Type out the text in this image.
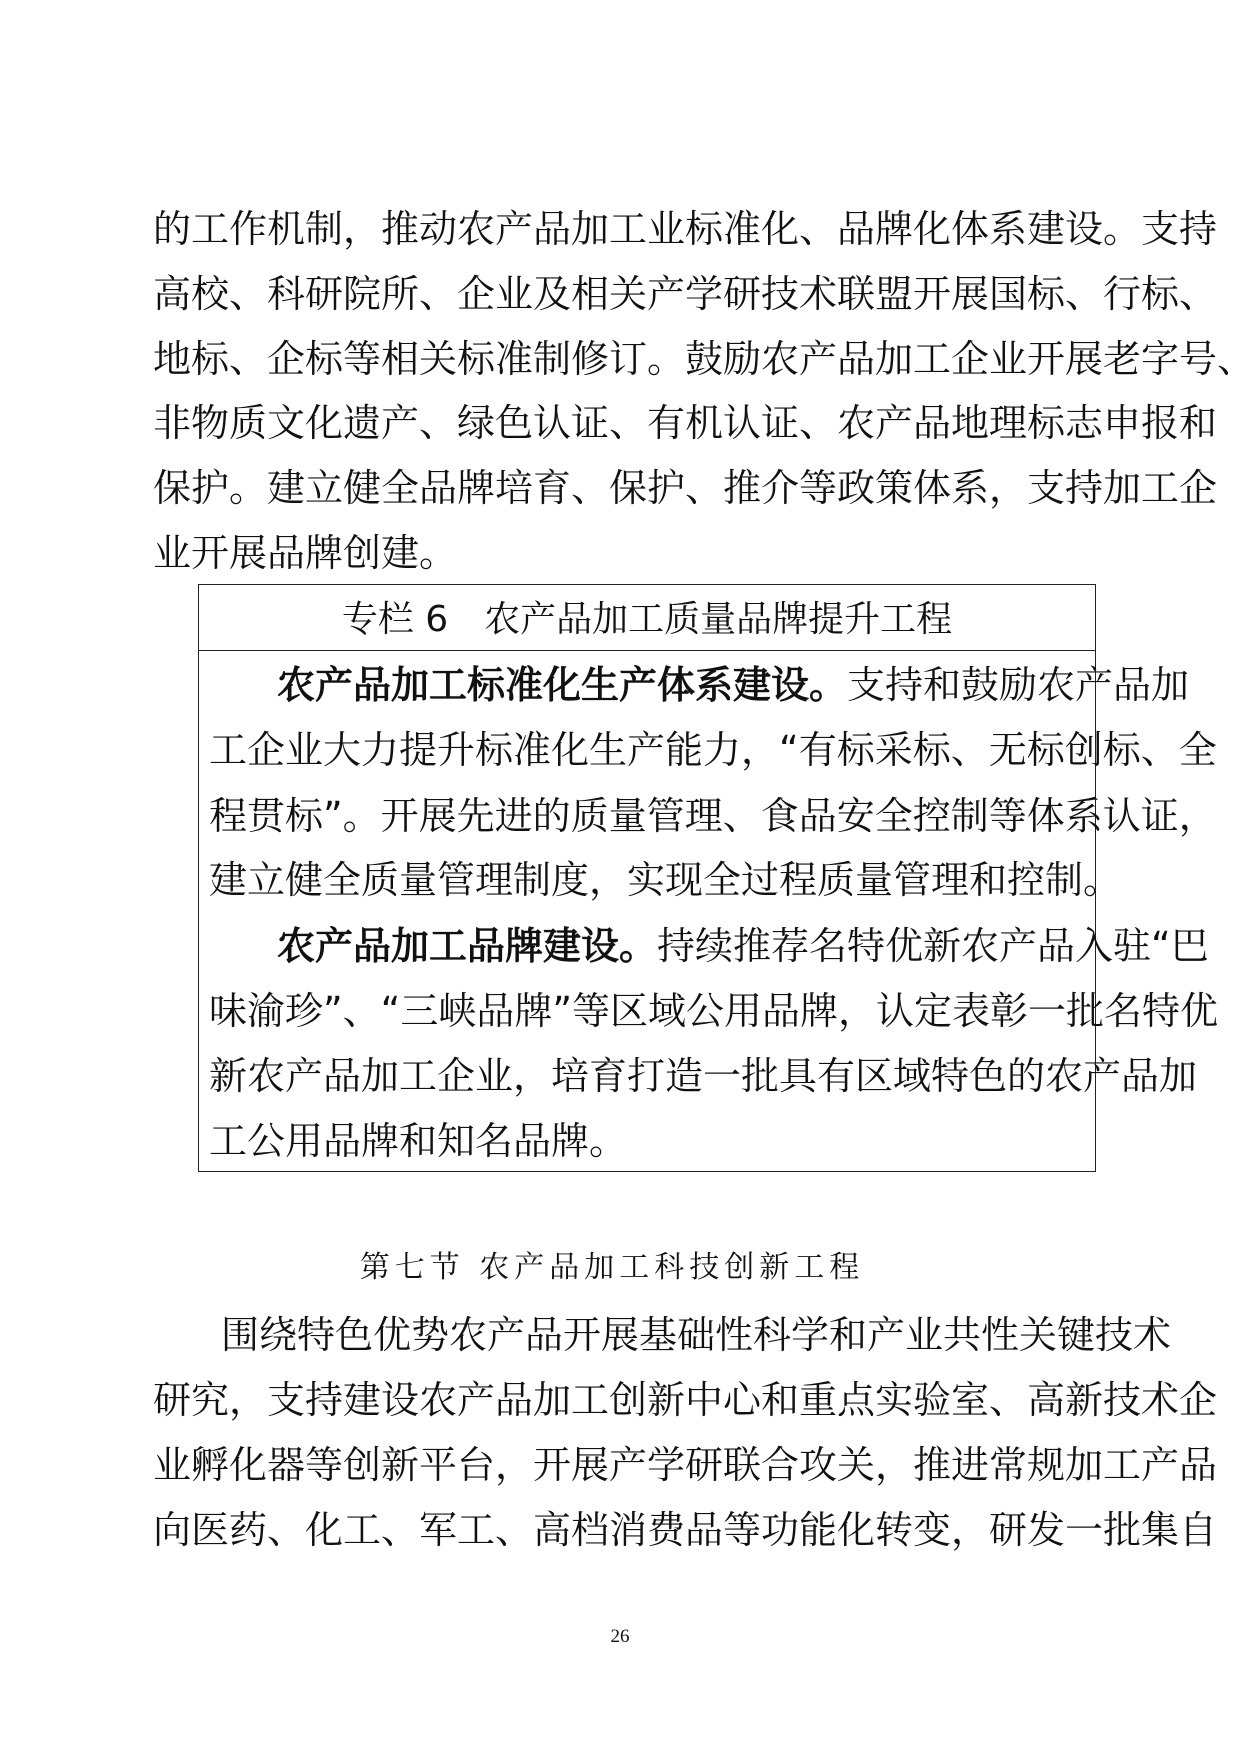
的工作机制，推动农产品加工业标准化、品牌化体系建设。支持
高校、科研院所、企业及相关产学研技术联盟开展国标、行标、
地标、企标等相关标准制修订。鼓励农产品加工企业开展老字号、
非物质文化遗产、绿色认证、有机认证、农产品地理标志申报和
保护。建立健全品牌培育、保护、推介等政策体系，支持加工企
业开展品牌创建。
专栏 6　农产品加工质量品牌提升工程
农产品加工标准化生产体系建设。支持和鼓励农产品加
工企业大力提升标准化生产能力，“有标采标、无标创标、全
程贯标”。开展先进的质量管理、食品安全控制等体系认证，
建立健全质量管理制度，实现全过程质量管理和控制。
农产品加工品牌建设。持续推荐名特优新农产品入驻“巴
味渝珍”、“三峡品牌”等区域公用品牌，认定表彰一批名特优
新农产品加工企业，培育打造一批具有区域特色的农产品加
工公用品牌和知名品牌。
第七节 农产品加工科技创新工程
围绕特色优势农产品开展基础性科学和产业共性关键技术
研究，支持建设农产品加工创新中心和重点实验室、高新技术企
业孵化器等创新平台，开展产学研联合攻关，推进常规加工产品
向医药、化工、军工、高档消费品等功能化转变，研发一批集自
26
